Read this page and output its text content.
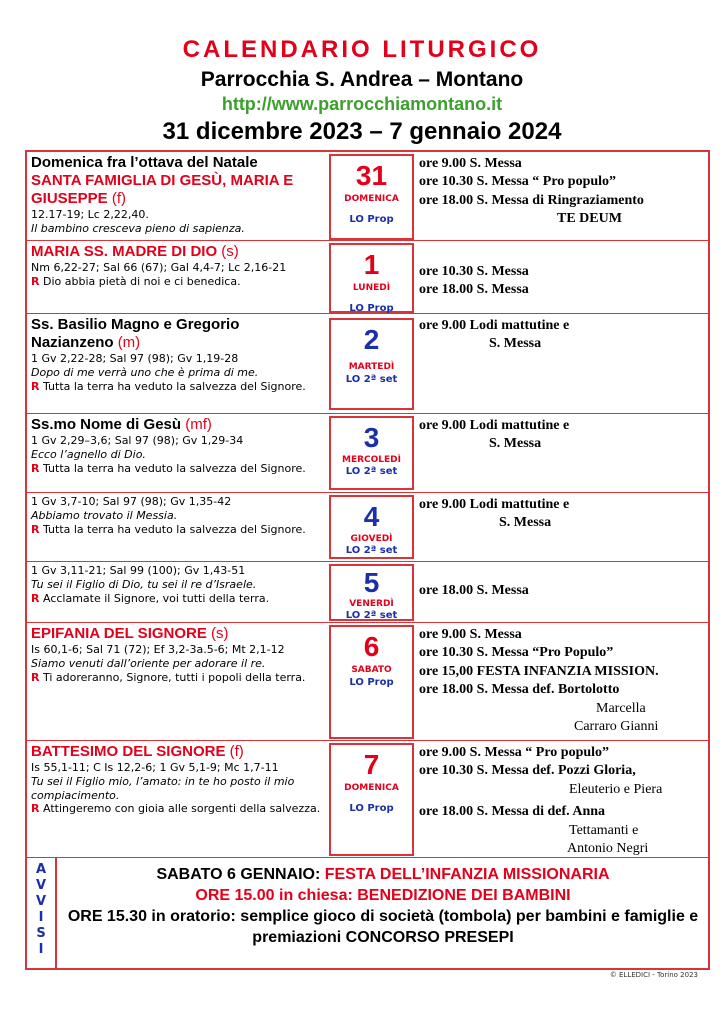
CALENDARIO LITURGICO
Parrocchia S. Andrea – Montano
http://www.parrocchiamontano.it
31 dicembre 2023 – 7 gennaio 2024
Domenica fra l’ottava del Natale
SANTA FAMIGLIA DI GESÙ, MARIA E GIUSEPPE (f)
12.17-19; Lc 2,22,40.
Il bambino cresceva pieno di sapienza.
31
DOMENICA
LO Prop
ore 9.00 S. Messa
ore 10.30 S. Messa “ Pro populo”
ore 18.00 S. Messa di Ringraziamento
TE DEUM
MARIA SS. MADRE DI DIO (s)
Nm 6,22-27; Sal 66 (67); Gal 4,4-7; Lc 2,16-21
R Dio abbia pietà di noi e ci benedica.
1
LUNEDÌ
LO Prop
ore 10.30 S. Messa
ore 18.00 S. Messa
Ss. Basilio Magno e Gregorio Nazianzeno (m)
1 Gv 2,22-28; Sal 97 (98); Gv 1,19-28
Dopo di me verrà uno che è prima di me.
R Tutta la terra ha veduto la salvezza del Signore.
2
MARTEDÌ
LO 2ª set
ore 9.00 Lodi mattutine e
S. Messa
Ss.mo Nome di Gesù (mf)
1 Gv 2,29–3,6; Sal 97 (98); Gv 1,29-34
Ecco l’agnello di Dio.
R Tutta la terra ha veduto la salvezza del Signore.
3
MERCOLEDÌ
LO 2ª set
ore 9.00 Lodi mattutine e
S. Messa
1 Gv 3,7-10; Sal 97 (98); Gv 1,35-42
Abbiamo trovato il Messia.
R Tutta la terra ha veduto la salvezza del Signore.	4
GIOVEDÌ
LO 2ª set
ore 9.00 Lodi mattutine e
S. Messa
1 Gv 3,11-21; Sal 99 (100); Gv 1,43-51
Tu sei il Figlio di Dio, tu sei il re d’Israele.
R Acclamate il Signore, voi tutti della terra.	5
VENERDÌ
LO 2ª set
ore 18.00 S. Messa
EPIFANIA DEL SIGNORE (s)
Is 60,1-6; Sal 71 (72); Ef 3,2-3a.5-6; Mt 2,1-12
Siamo venuti dall’oriente per adorare il re.
R Ti adoreranno, Signore, tutti i popoli della terra.
6
SABATO
LO Prop
ore 9.00 S. Messa
ore 10.30 S. Messa “Pro Populo”
ore 15,00 FESTA INFANZIA MISSION.
ore 18.00 S. Messa def. Bortolotto
Marcella
Carraro Gianni
BATTESIMO DEL SIGNORE (f)
Is 55,1-11; C Is 12,2-6; 1 Gv 5,1-9; Mc 1,7-11
Tu sei il Figlio mio, l’amato: in te ho posto il mio compiacimento.
R Attingeremo con gioia alle sorgenti della salvezza.
7
DOMENICA
LO Prop
ore 9.00 S. Messa “ Pro populo”
ore 10.30 S. Messa def. Pozzi Gloria,
Eleuterio e Piera
ore 18.00 S. Messa di def. Anna
Tettamanti e
Antonio Negri
A
V
V
I
S
I
SABATO 6 GENNAIO: FESTA DELL’INFANZIA MISSIONARIA
ORE 15.00 in chiesa: BENEDIZIONE DEI BAMBINI
ORE 15.30 in oratorio: semplice gioco di società (tombola) per bambini e famiglie e premiazioni CONCORSO PRESEPI
© ELLEDICI - Torino 2023
